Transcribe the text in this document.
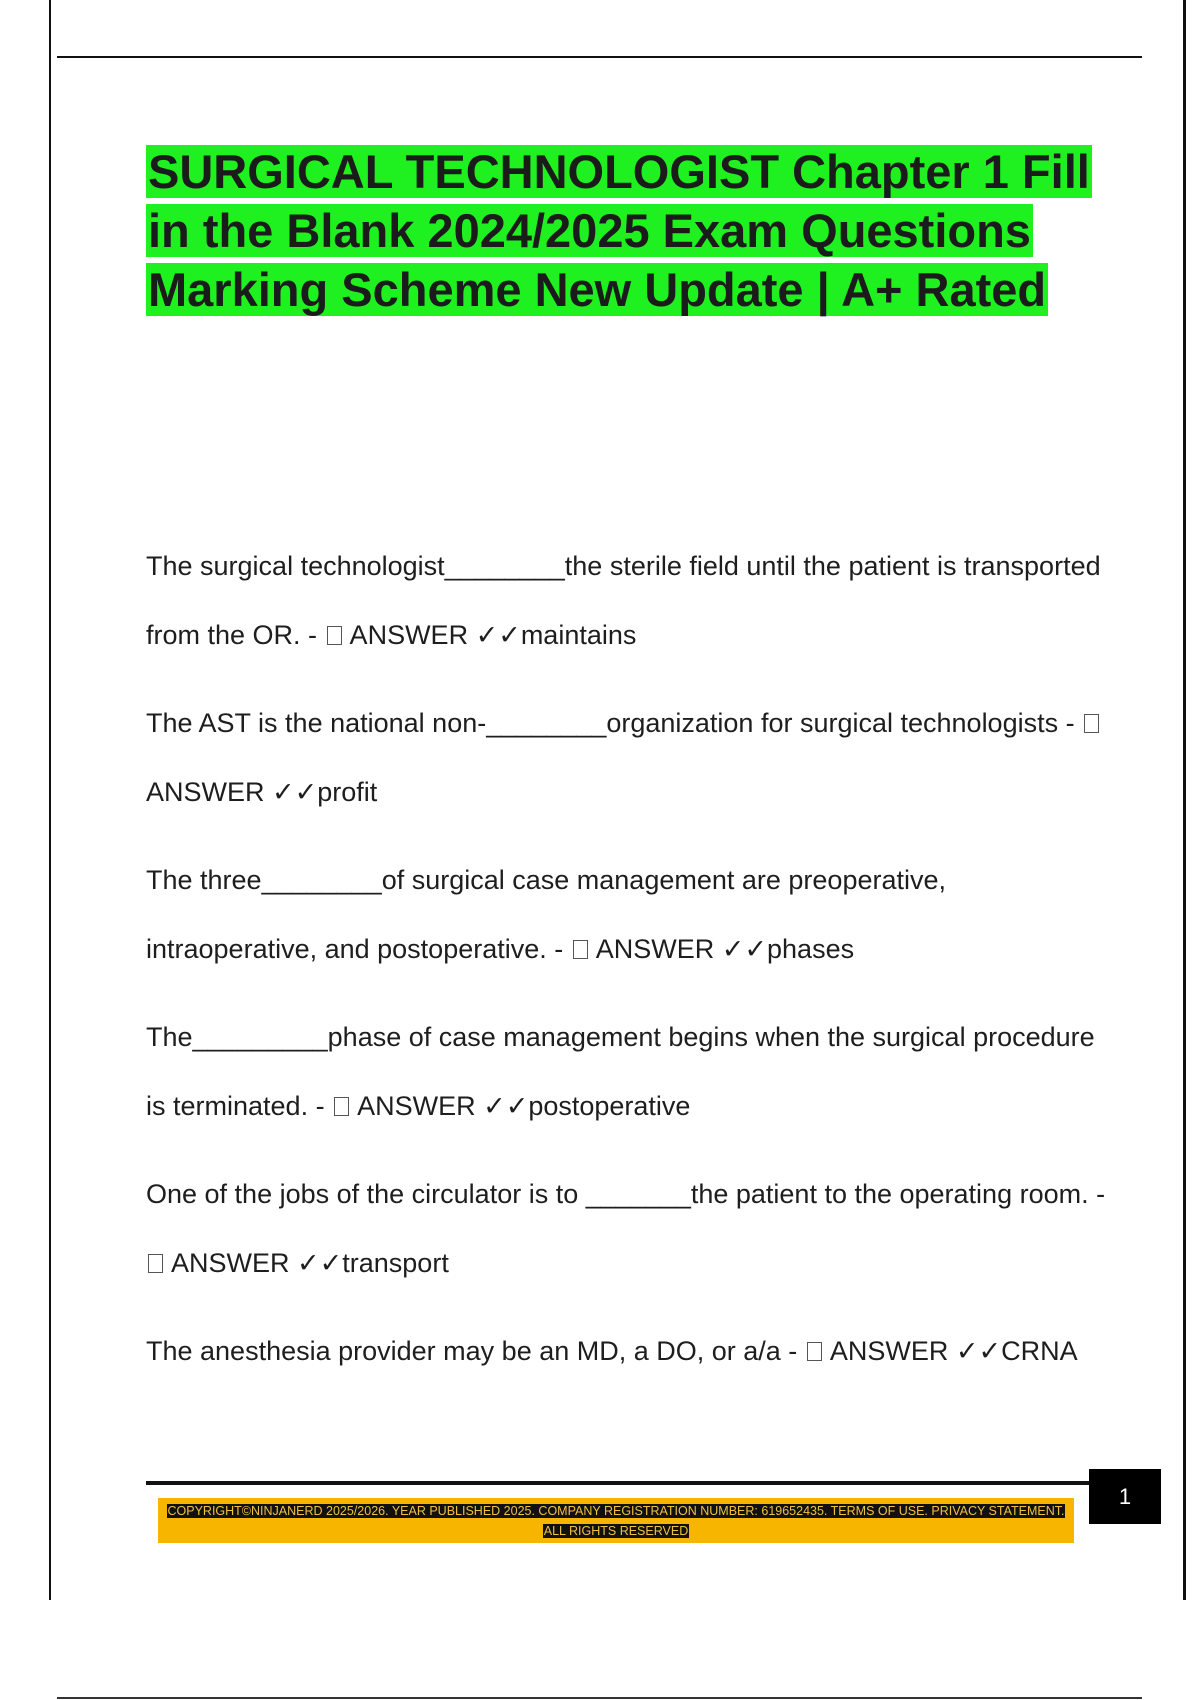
SURGICAL TECHNOLOGIST Chapter 1 Fill in the Blank 2024/2025 Exam Questions Marking Scheme New Update | A+ Rated

The surgical technologist________the sterile field until the patient is transported from the OR. -  ANSWER ✓✓maintains

The AST is the national non-________organization for surgical technologists -  ANSWER ✓✓profit

The three________of surgical case management are preoperative, intraoperative, and postoperative. -  ANSWER ✓✓phases

The_________phase of case management begins when the surgical procedure is terminated. -  ANSWER ✓✓postoperative

One of the jobs of the circulator is to _______the patient to the operating room. -  ANSWER ✓✓transport

The anesthesia provider may be an MD, a DO, or a/a -  ANSWER ✓✓CRNA

1
COPYRIGHT©NINJANERD 2025/2026. YEAR PUBLISHED 2025. COMPANY REGISTRATION NUMBER: 619652435. TERMS OF USE. PRIVACY STATEMENT. ALL RIGHTS RESERVED
